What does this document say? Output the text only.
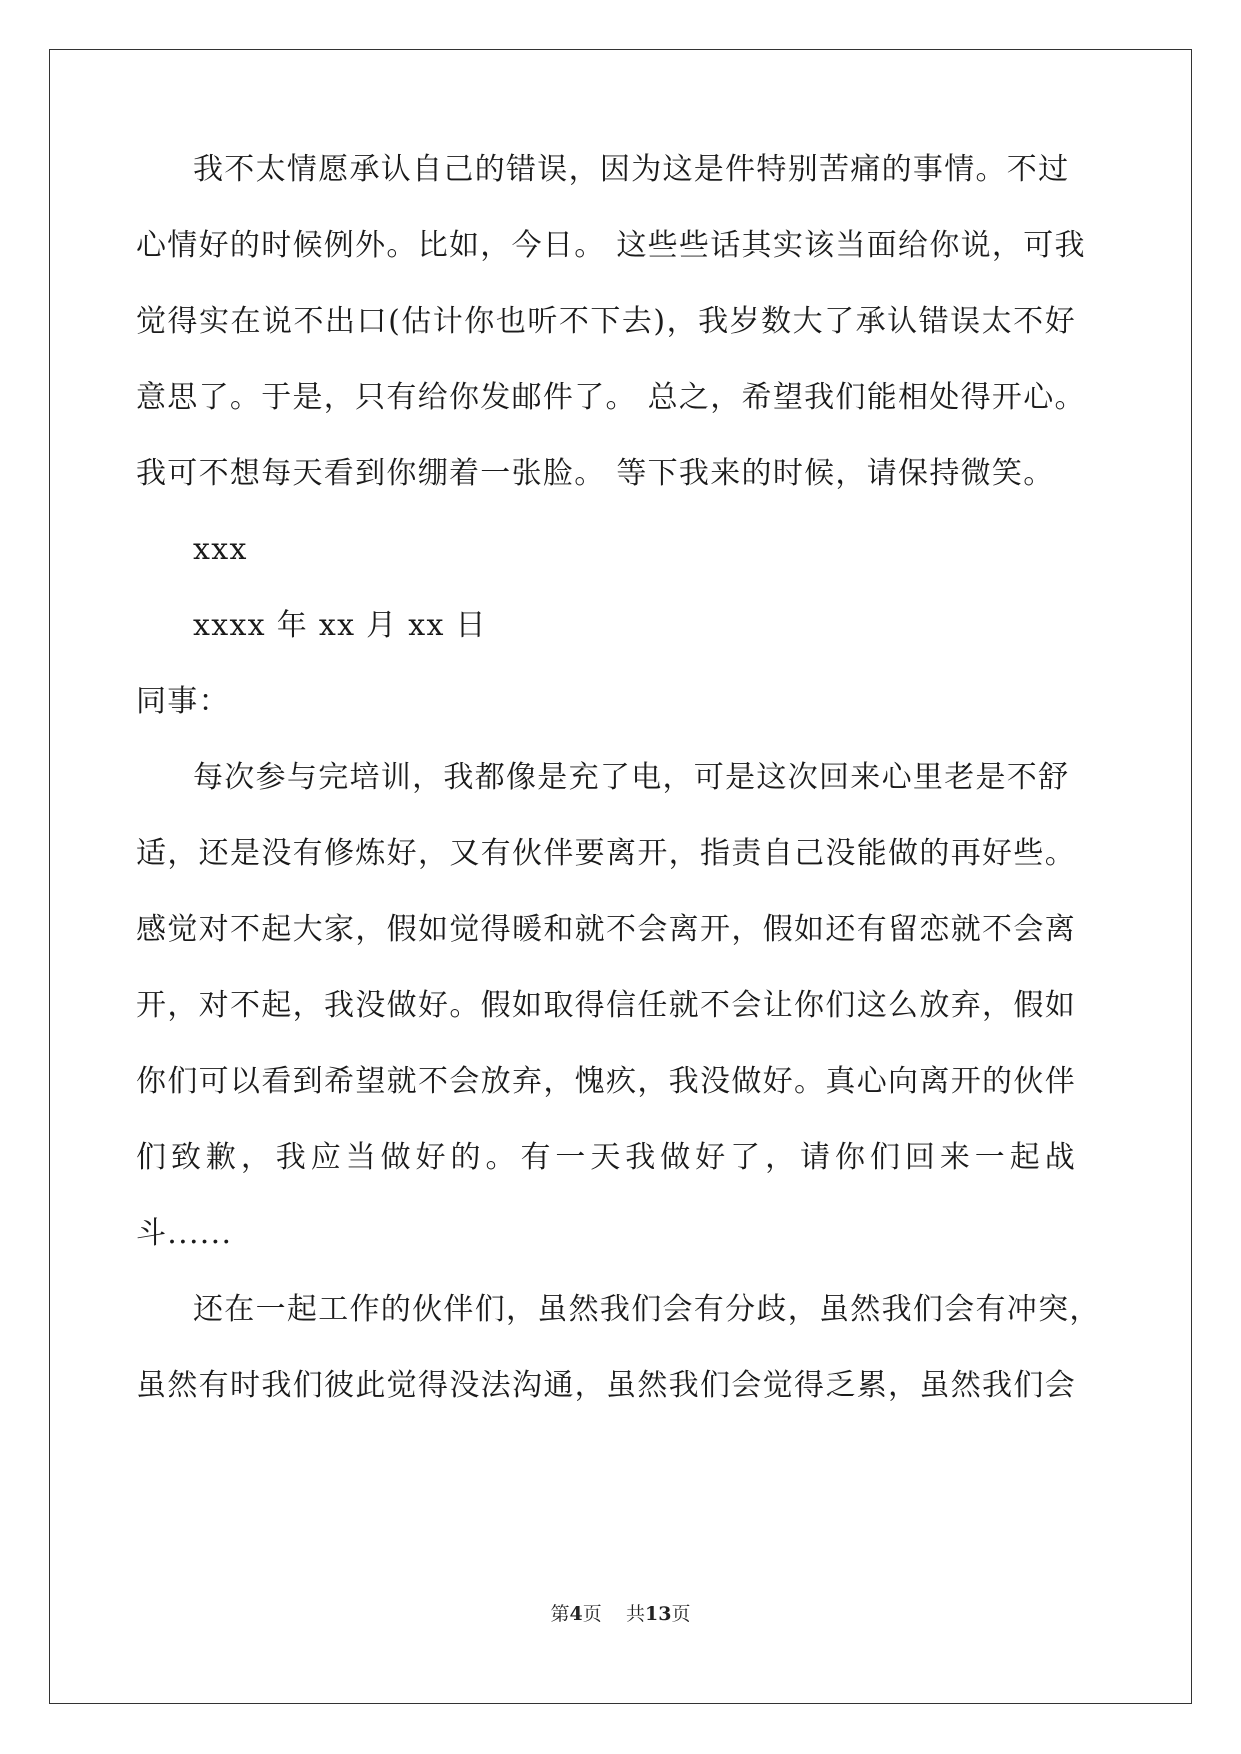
我不太情愿承认自己的错误，因为这是件特别苦痛的事情。不过
心情好的时候例外。比如，今日。 这些些话其实该当面给你说，可我
觉得实在说不出口(估计你也听不下去)，我岁数大了承认错误太不好
意思了。于是，只有给你发邮件了。 总之，希望我们能相处得开心。
我可不想每天看到你绷着一张脸。 等下我来的时候，请保持微笑。
xxx
xxxx 年 xx 月 xx 日
同事：
每次参与完培训，我都像是充了电，可是这次回来心里老是不舒
适，还是没有修炼好，又有伙伴要离开，指责自己没能做的再好些。
感觉对不起大家，假如觉得暖和就不会离开，假如还有留恋就不会离
开，对不起，我没做好。假如取得信任就不会让你们这么放弃，假如
你们可以看到希望就不会放弃，愧疚，我没做好。真心向离开的伙伴
们致歉，我应当做好的。有一天我做好了，请你们回来一起战
斗......
还在一起工作的伙伴们，虽然我们会有分歧，虽然我们会有冲突，
虽然有时我们彼此觉得没法沟通，虽然我们会觉得乏累，虽然我们会
第4页 共13页
